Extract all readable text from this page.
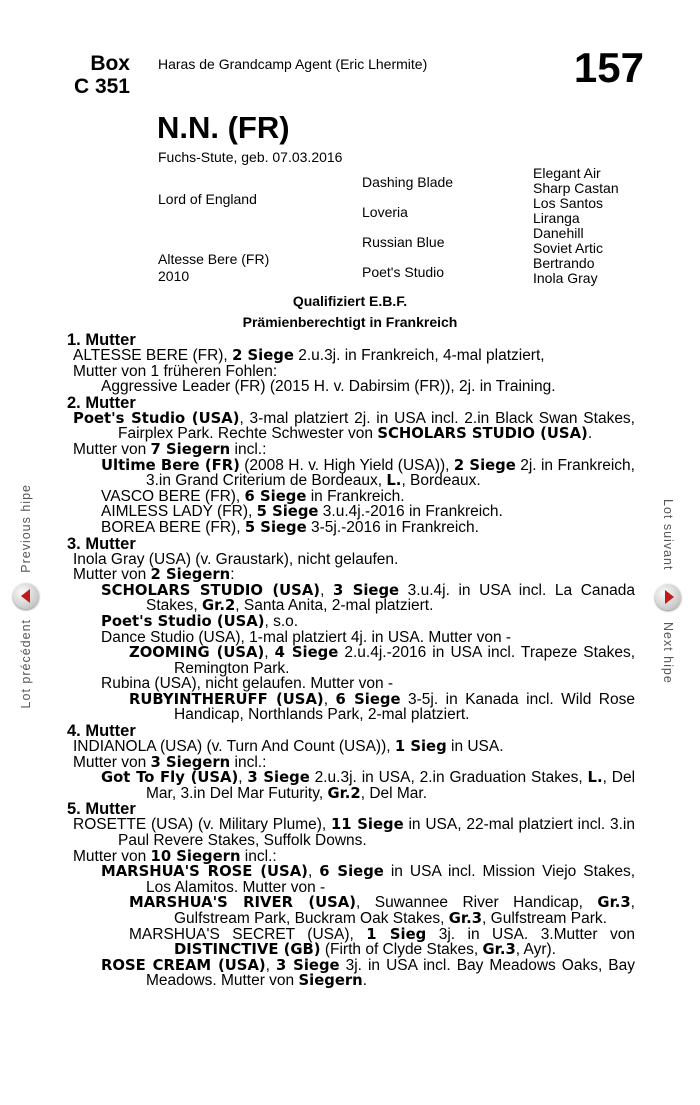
Box
C 351
Haras de Grandcamp Agent (Eric Lhermite)	157
N.N. (FR)
Fuchs-Stute, geb. 07.03.2016
Lord of England
Altesse Bere (FR)
2010
Dashing Blade
Loveria
Russian Blue
Poet's Studio
Elegant Air
Sharp Castan
Los Santos
Liranga
Danehill
Soviet Artic
Bertrando
Inola Gray
Qualifiziert E.B.F.
Prämienberechtigt in Frankreich
1. Mutter
ALTESSE BERE (FR), 2 Siege 2.u.3j. in Frankreich, 4-mal platziert,
Mutter von 1 früheren Fohlen:
Aggressive Leader (FR) (2015 H. v. Dabirsim (FR)), 2j. in Training.
2. Mutter
Poet's Studio (USA), 3-mal platziert 2j. in USA incl. 2.in Black Swan Stakes, Fairplex Park. Rechte Schwester von SCHOLARS STUDIO (USA).
Mutter von 7 Siegern incl.:
Ultime Bere (FR) (2008 H. v. High Yield (USA)), 2 Siege 2j. in Frankreich, 3.in Grand Criterium de Bordeaux, L., Bordeaux.
VASCO BERE (FR), 6 Siege in Frankreich.
AIMLESS LADY (FR), 5 Siege 3.u.4j.-2016 in Frankreich.
BOREA BERE (FR), 5 Siege 3-5j.-2016 in Frankreich.
3. Mutter
Inola Gray (USA) (v. Graustark), nicht gelaufen.
Mutter von 2 Siegern:
SCHOLARS STUDIO (USA), 3 Siege 3.u.4j. in USA incl. La Canada Stakes, Gr.2, Santa Anita, 2-mal platziert.
Poet's Studio (USA), s.o.
Dance Studio (USA), 1-mal platziert 4j. in USA. Mutter von -
ZOOMING (USA), 4 Siege 2.u.4j.-2016 in USA incl. Trapeze Stakes, Remington Park.
Rubina (USA), nicht gelaufen. Mutter von -
RUBYINTHERUFF (USA), 6 Siege 3-5j. in Kanada incl. Wild Rose Handicap, Northlands Park, 2-mal platziert.
4. Mutter
INDIANOLA (USA) (v. Turn And Count (USA)), 1 Sieg in USA.
Mutter von 3 Siegern incl.:
Got To Fly (USA), 3 Siege 2.u.3j. in USA, 2.in Graduation Stakes, L., Del Mar, 3.in Del Mar Futurity, Gr.2, Del Mar.
5. Mutter
ROSETTE (USA) (v. Military Plume), 11 Siege in USA, 22-mal platziert incl. 3.in Paul Revere Stakes, Suffolk Downs.
Mutter von 10 Siegern incl.:
MARSHUA'S ROSE (USA), 6 Siege in USA incl. Mission Viejo Stakes, Los Alamitos. Mutter von -
MARSHUA'S RIVER (USA), Suwannee River Handicap, Gr.3, Gulfstream Park, Buckram Oak Stakes, Gr.3, Gulfstream Park.
MARSHUA'S SECRET (USA), 1 Sieg 3j. in USA. 3.Mutter von DISTINCTIVE (GB) (Firth of Clyde Stakes, Gr.3, Ayr).
ROSE CREAM (USA), 3 Siege 3j. in USA incl. Bay Meadows Oaks, Bay Meadows. Mutter von Siegern.
Previous hipe
Lot précédent
Lot suivant
Next hipe
